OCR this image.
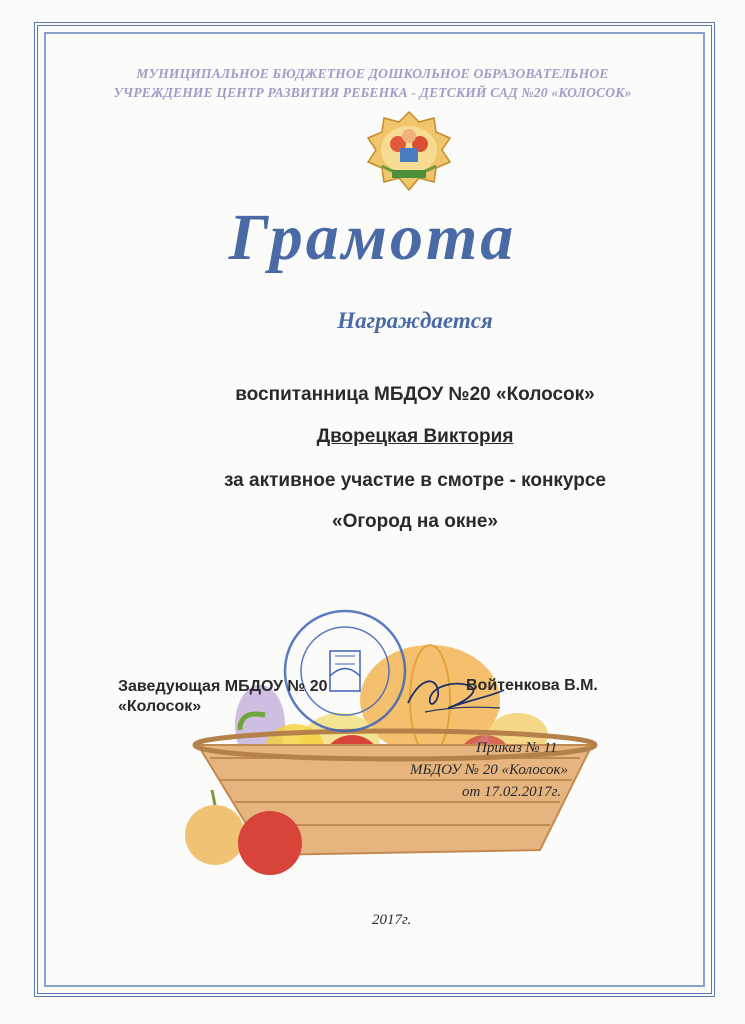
МУНИЦИПАЛЬНОЕ БЮДЖЕТНОЕ ДОШКОЛЬНОЕ ОБРАЗОВАТЕЛЬНОЕ
УЧРЕЖДЕНИЕ ЦЕНТР РАЗВИТИЯ РЕБЕНКА - ДЕТСКИЙ САД №20 «КОЛОСОК»
Грамота
Награждается
воспитанница МБДОУ №20 «Колосок»
Дворецкая Виктория
за активное участие в смотре - конкурсе
«Огород на окне»
Заведующая МБДОУ № 20
«Колосок»
Войтенкова В.М.
Приказ № 11
МБДОУ № 20 «Колосок»
от 17.02.2017г.
2017г.
